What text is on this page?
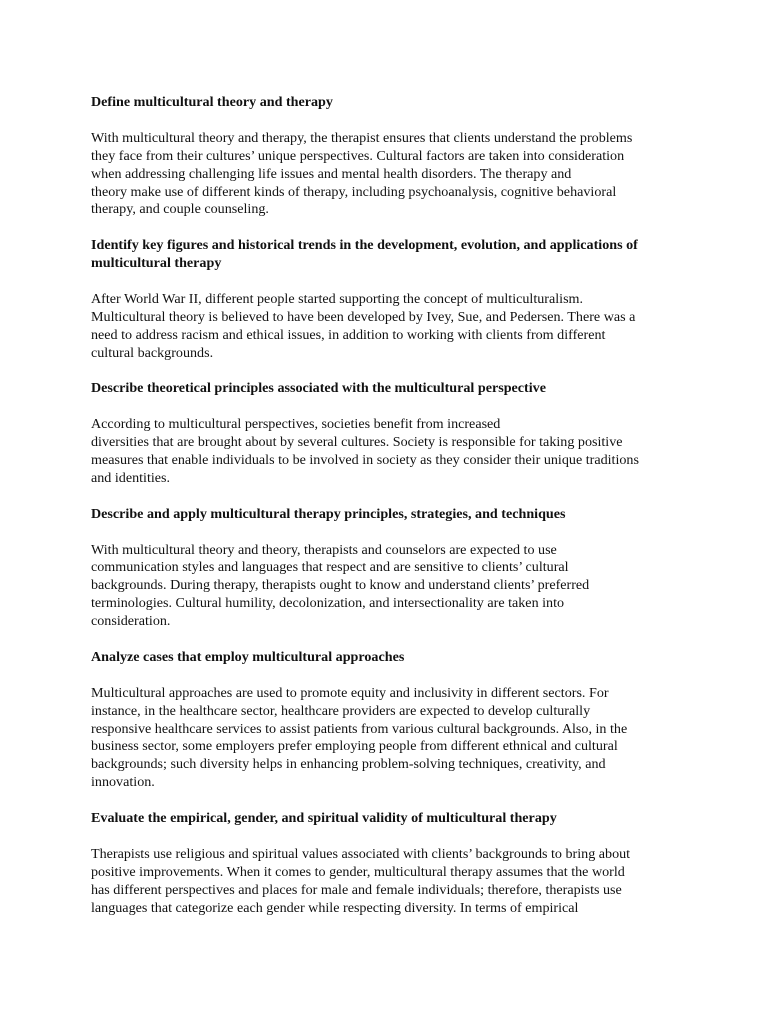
Define multicultural theory and therapy
With multicultural theory and therapy, the therapist ensures that clients understand the problems
they face from their cultures’ unique perspectives. Cultural factors are taken into consideration
when addressing challenging life issues and mental health disorders. The therapy and
theory make use of different kinds of therapy, including psychoanalysis, cognitive behavioral
therapy, and couple counseling.
Identify key figures and historical trends in the development, evolution, and applications of
multicultural therapy
After World War II, different people started supporting the concept of multiculturalism.
Multicultural theory is believed to have been developed by Ivey, Sue, and Pedersen. There was a
need to address racism and ethical issues, in addition to working with clients from different
cultural backgrounds.
Describe theoretical principles associated with the multicultural perspective
According to multicultural perspectives, societies benefit from increased
diversities that are brought about by several cultures. Society is responsible for taking positive
measures that enable individuals to be involved in society as they consider their unique traditions
and identities.
Describe and apply multicultural therapy principles, strategies, and techniques
With multicultural theory and theory, therapists and counselors are expected to use
communication styles and languages that respect and are sensitive to clients’ cultural
backgrounds. During therapy, therapists ought to know and understand clients’ preferred
terminologies. Cultural humility, decolonization, and intersectionality are taken into
consideration.
Analyze cases that employ multicultural approaches
Multicultural approaches are used to promote equity and inclusivity in different sectors. For
instance, in the healthcare sector, healthcare providers are expected to develop culturally
responsive healthcare services to assist patients from various cultural backgrounds. Also, in the
business sector, some employers prefer employing people from different ethnical and cultural
backgrounds; such diversity helps in enhancing problem-solving techniques, creativity, and
innovation.
Evaluate the empirical, gender, and spiritual validity of multicultural therapy
Therapists use religious and spiritual values associated with clients’ backgrounds to bring about
positive improvements. When it comes to gender, multicultural therapy assumes that the world
has different perspectives and places for male and female individuals; therefore, therapists use
languages that categorize each gender while respecting diversity. In terms of empirical
